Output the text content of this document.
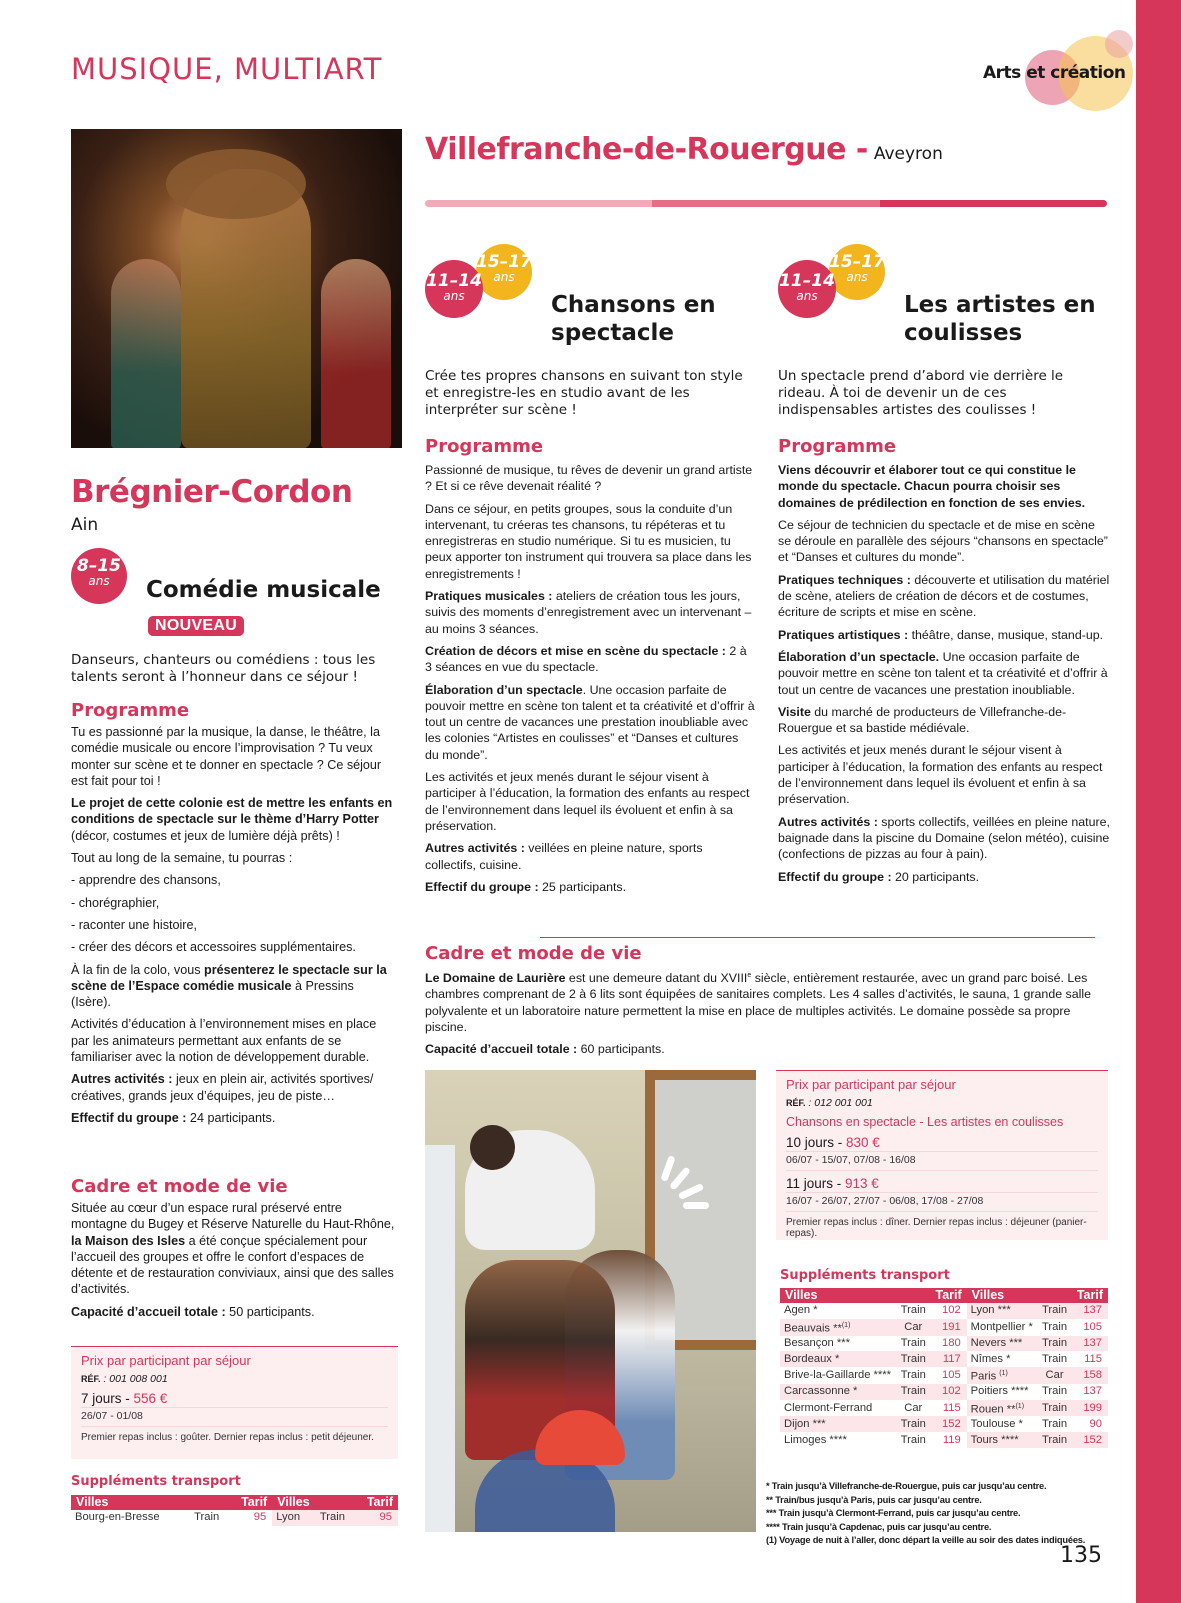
MUSIQUE, MULTIART	Arts et création
Brégnier-Cordon
Ain
8–15
ans	Comédie musicale
NOUVEAU
Danseurs, chanteurs ou comédiens : tous les talents seront à l’honneur dans ce séjour !
Programme

Tu es passionné par la musique, la danse, le théâtre, la comédie musicale ou encore l’improvisation ? Tu veux monter sur scène et te donner en spectacle ? Ce séjour est fait pour toi !

Le projet de cette colonie est de mettre les enfants en conditions de spectacle sur le thème d’Harry Potter (décor, costumes et jeux de lumière déjà prêts) !

Tout au long de la semaine, tu pourras :

- apprendre des chansons,

- chorégraphier,

- raconter une histoire,

- créer des décors et accessoires supplémentaires.

À la fin de la colo, vous présenterez le spectacle sur la scène de l’Espace comédie musicale à Pressins (Isère).

Activités d’éducation à l’environnement mises en place par les animateurs permettant aux enfants de se familiariser avec la notion de développement durable.

Autres activités : jeux en plein air, activités sportives/ créatives, grands jeux d’équipes, jeu de piste…

Effectif du groupe : 24 participants.

Cadre et mode de vie

Située au cœur d’un espace rural préservé entre montagne du Bugey et Réserve Naturelle du Haut-Rhône, la Maison des Isles a été conçue spécialement pour l’accueil des groupes et offre le confort d’espaces de détente et de restauration conviviaux, ainsi que des salles d’activités.

Capacité d’accueil totale : 50 participants.

Prix par participant par séjour
RÉF. : 001 008 001
7 jours - 556 €
26/07 - 01/08
Premier repas inclus : goûter. Dernier repas inclus : petit déjeuner.
Suppléments transport
Villes		Tarif	Villes		Tarif
Bourg-en-Bresse	Train	95	Lyon	Train	95
Villefranche-de-Rouergue - Aveyron
15–17
ans
11–14
ans	Chansons en spectacle
Crée tes propres chansons en suivant ton style et enregistre-les en studio avant de les interpréter sur scène !
Programme

Passionné de musique, tu rêves de devenir un grand artiste ? Et si ce rêve devenait réalité ?

Dans ce séjour, en petits groupes, sous la conduite d’un intervenant, tu créeras tes chansons, tu répéteras et tu enregistreras en studio numérique. Si tu es musicien, tu peux apporter ton instrument qui trouvera sa place dans les enregistrements !

Pratiques musicales : ateliers de création tous les jours, suivis des moments d’enregistrement avec un intervenant – au moins 3 séances.

Création de décors et mise en scène du spectacle : 2 à 3 séances en vue du spectacle.

Élaboration d’un spectacle. Une occasion parfaite de pouvoir mettre en scène ton talent et ta créativité et d’offrir à tout un centre de vacances une prestation inoubliable avec les colonies “Artistes en coulisses” et “Danses et cultures du monde”.

Les activités et jeux menés durant le séjour visent à participer à l’éducation, la formation des enfants au respect de l’environnement dans lequel ils évoluent et enfin à sa préservation.

Autres activités : veillées en pleine nature, sports collectifs, cuisine.

Effectif du groupe : 25 participants.

15–17
ans
11–14
ans	Les artistes en coulisses
Un spectacle prend d’abord vie derrière le rideau. À toi de devenir un de ces indispensables artistes des coulisses !
Programme

Viens découvrir et élaborer tout ce qui constitue le monde du spectacle. Chacun pourra choisir ses domaines de prédilection en fonction de ses envies.

Ce séjour de technicien du spectacle et de mise en scène se déroule en parallèle des séjours “chansons en spectacle” et “Danses et cultures du monde”.

Pratiques techniques : découverte et utilisation du matériel de scène, ateliers de création de décors et de costumes, écriture de scripts et mise en scène.

Pratiques artistiques : théâtre, danse, musique, stand-up.

Élaboration d’un spectacle. Une occasion parfaite de pouvoir mettre en scène ton talent et ta créativité et d’offrir à tout un centre de vacances une prestation inoubliable.

Visite du marché de producteurs de Villefranche-de-Rouergue et sa bastide médiévale.

Les activités et jeux menés durant le séjour visent à participer à l’éducation, la formation des enfants au respect de l’environnement dans lequel ils évoluent et enfin à sa préservation.

Autres activités : sports collectifs, veillées en pleine nature, baignade dans la piscine du Domaine (selon météo), cuisine (confections de pizzas au four à pain).

Effectif du groupe : 20 participants.

Cadre et mode de vie

Le Domaine de Laurière est une demeure datant du XVIIIe siècle, entièrement restaurée, avec un grand parc boisé. Les chambres comprenant de 2 à 6 lits sont équipées de sanitaires complets. Les 4 salles d’activités, le sauna, 1 grande salle polyvalente et un laboratoire nature permettent la mise en place de multiples activités. Le domaine possède sa propre piscine.

Capacité d’accueil totale : 60 participants.

Prix par participant par séjour
RÉF. : 012 001 001
Chansons en spectacle - Les artistes en coulisses
10 jours - 830 €
06/07 - 15/07, 07/08 - 16/08
11 jours - 913 €
16/07 - 26/07, 27/07 - 06/08, 17/08 - 27/08
Premier repas inclus : dîner. Dernier repas inclus : déjeuner (panier-repas).
Suppléments transport
Villes		Tarif	Villes		Tarif
Agen *	Train	102	Lyon ***	Train	137
Beauvais **$^{(1)}$	Car	191	Montpellier *	Train	105
Besançon ***	Train	180	Nevers ***	Train	137
Bordeaux *	Train	117	Nîmes *	Train	115
Brive-la-Gaillarde ****	Train	105	Paris $^{(1)}$	Car	158
Carcassonne *	Train	102	Poitiers ****	Train	137
Clermont-Ferrand	Car	115	Rouen **$^{(1)}$	Train	199
Dijon ***	Train	152	Toulouse *	Train	90
Limoges ****	Train	119	Tours ****	Train	152
* Train jusqu’à Villefranche-de-Rouergue, puis car jusqu’au centre.
** Train/bus jusqu’à Paris, puis car jusqu’au centre.
*** Train jusqu’à Clermont-Ferrand, puis car jusqu’au centre.
**** Train jusqu’à Capdenac, puis car jusqu’au centre.
(1) Voyage de nuit à l’aller, donc départ la veille au soir des dates indiquées.
135
